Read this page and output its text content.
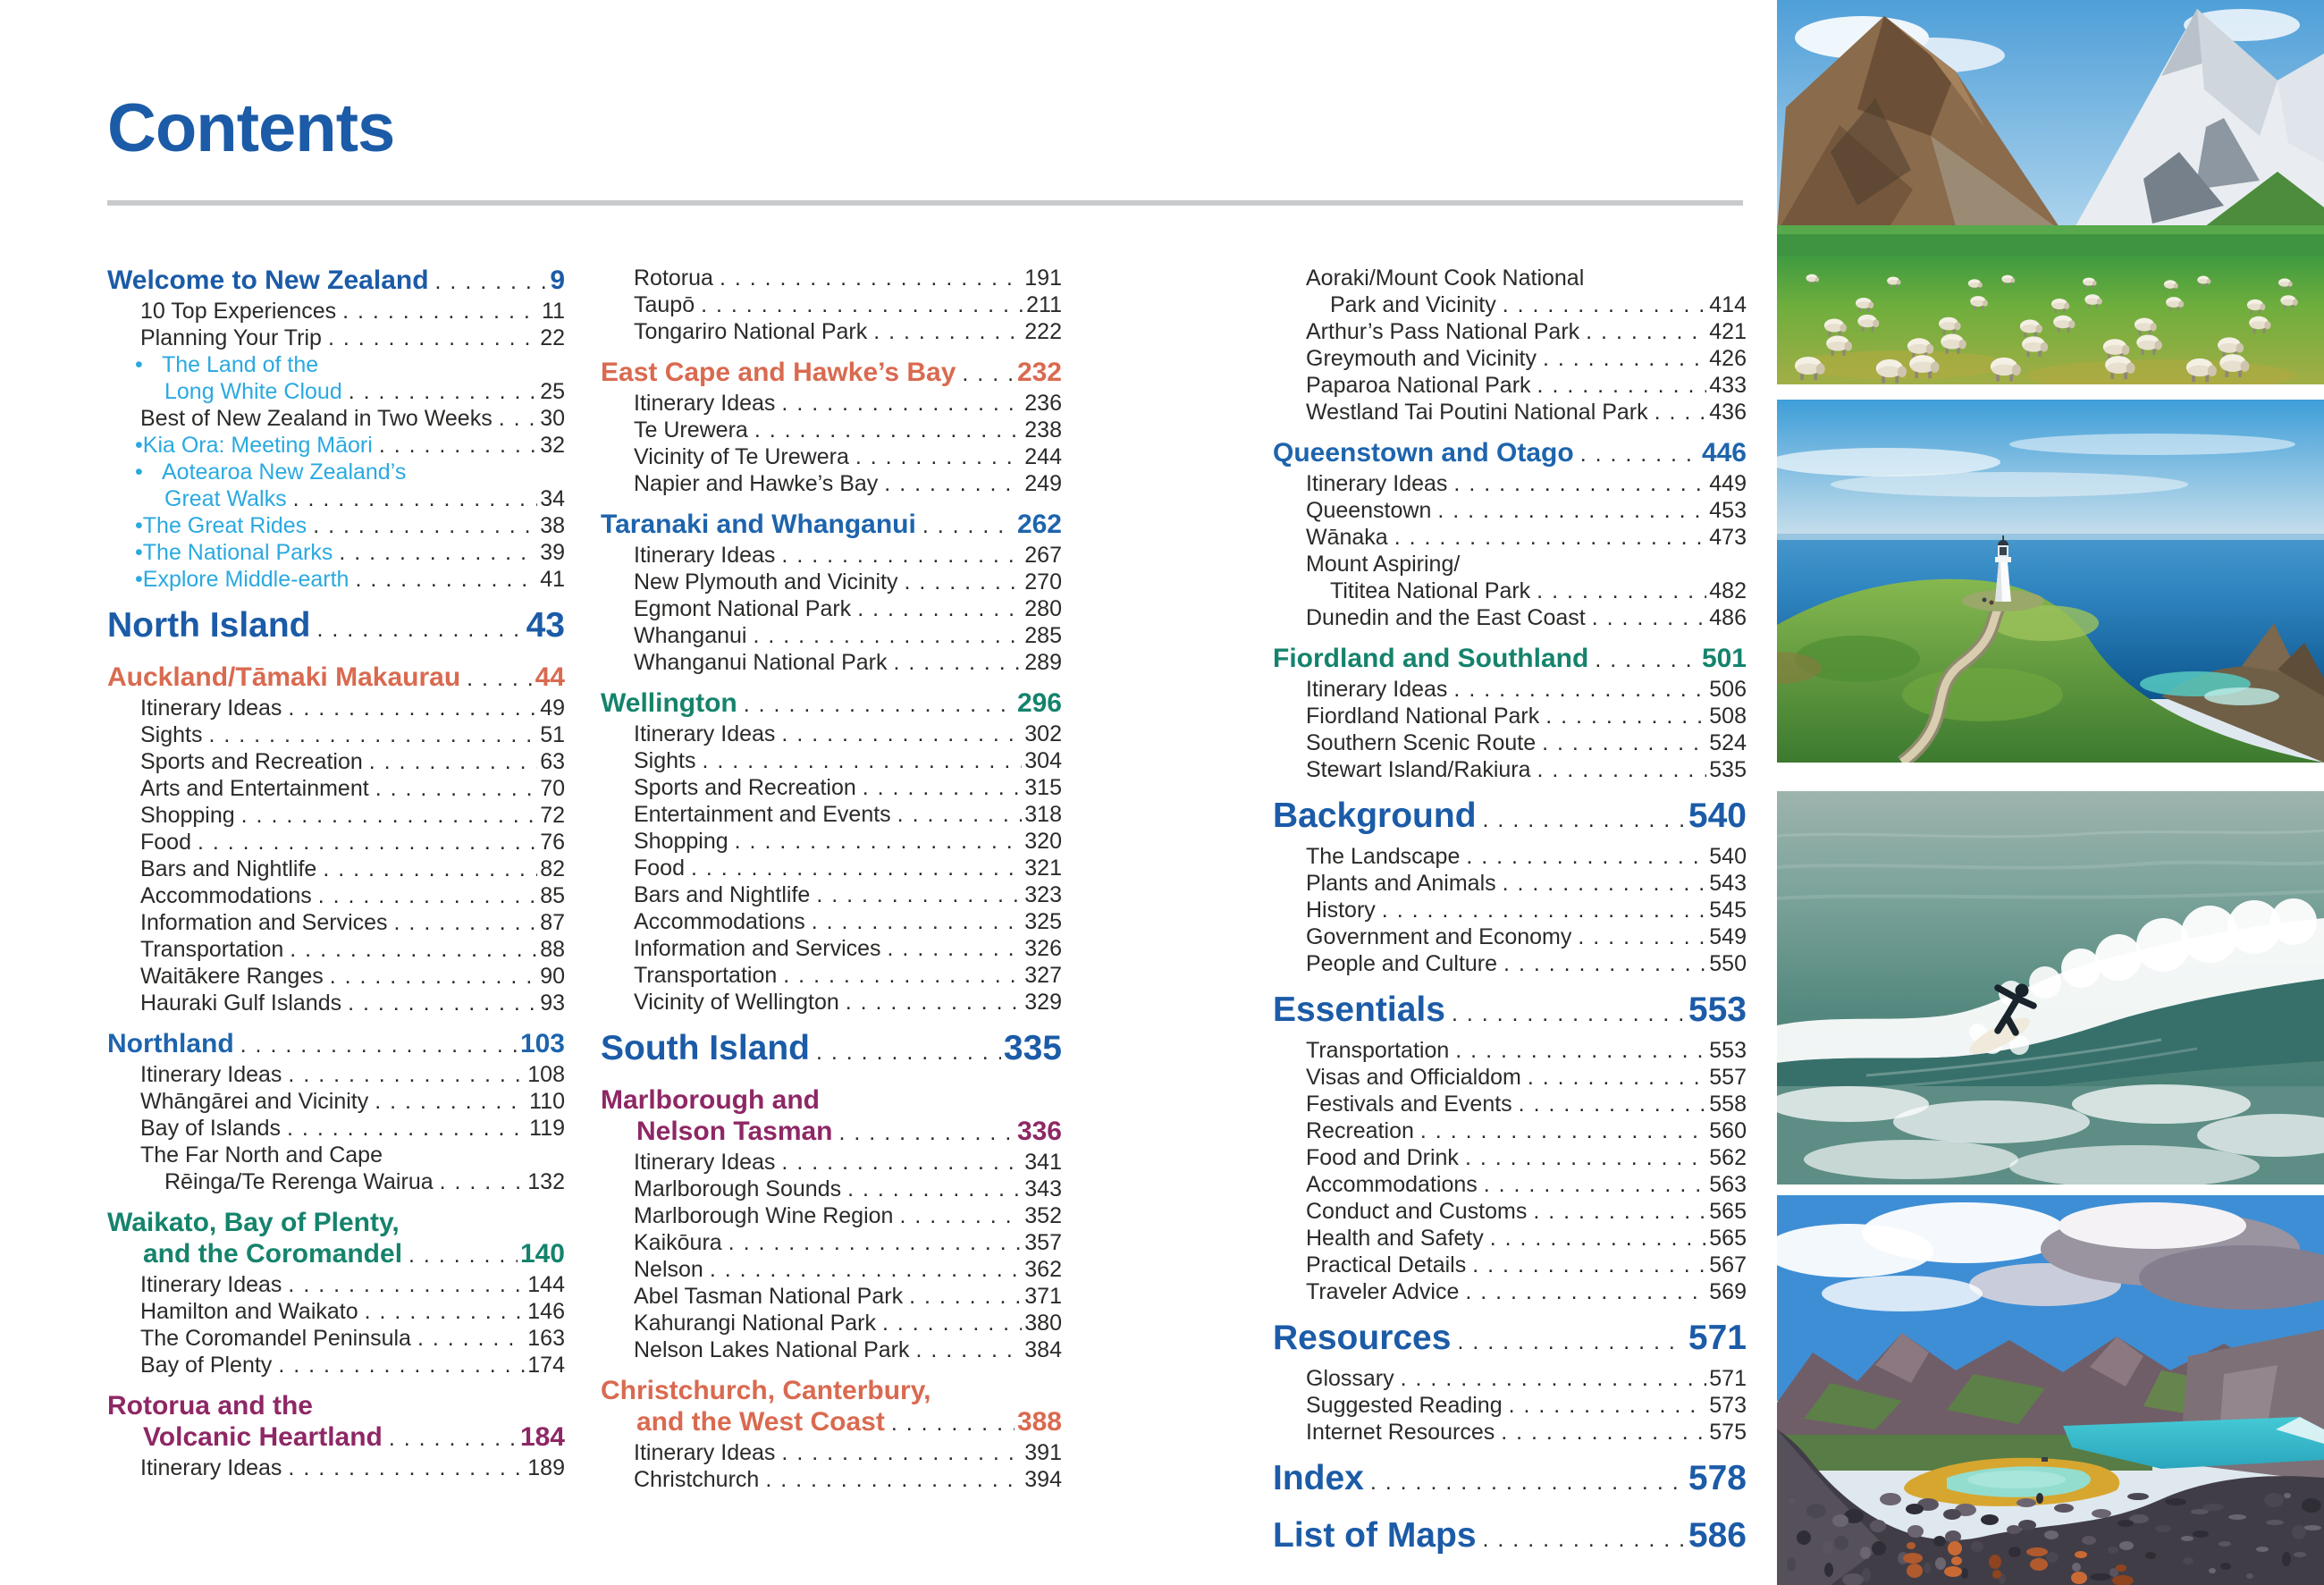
Contents
Welcome to New Zealand . . .	9
10 Top Experiences . . .	11
Planning Your Trip . . .	22
• The Land of the
Long White Cloud . . .	25
Best of New Zealand in Two Weeks . . . 30
• Kia Ora: Meeting Māori . . .	32
• Aotearoa New Zealand’s
Great Walks . . .	34
• The Great Rides . . .	38
• The National Parks . . .	39
• Explore Middle-earth . . .	41
North Island . . .	43
Auckland/Tāmaki Makaurau . . .	44
Itinerary Ideas . . .	49
Sights . . .	51
Sports and Recreation . . .	63
Arts and Entertainment . . .	70
Shopping . . .	72
Food . . .	76
Bars and Nightlife . . .	82
Accommodations . . .	85
Information and Services . . .	87
Transportation . . .	88
Waitākere Ranges . . .	90
Hauraki Gulf Islands . . .	93
Northland . . .	103
Itinerary Ideas . . .	108
Whāngārei and Vicinity . . .	110
Bay of Islands . . .	119
The Far North and Cape
Rēinga/Te Rerenga Wairua . . .	132
Waikato, Bay of Plenty,
and the Coromandel . . .	140
Itinerary Ideas . . .	144
Hamilton and Waikato . . .	146
The Coromandel Peninsula . . .	163
Bay of Plenty . . .	174
Rotorua and the
Volcanic Heartland . . .	184
Itinerary Ideas . . .	189
Rotorua . . .	191
Taupō . . .	211
Tongariro National Park . . .	222
East Cape and Hawke’s Bay . . . 232
Itinerary Ideas . . .	236
Te Urewera . . .	238
Vicinity of Te Urewera . . .	244
Napier and Hawke’s Bay . . .	249
Taranaki and Whanganui . . .	262
Itinerary Ideas . . .	267
New Plymouth and Vicinity . . .	270
Egmont National Park . . .	280
Whanganui . . .	285
Whanganui National Park . . .	289
Wellington . . .	296
Itinerary Ideas . . .	302
Sights . . .	304
Sports and Recreation . . .	315
Entertainment and Events . . .	318
Shopping . . .	320
Food . . .	321
Bars and Nightlife . . .	323
Accommodations . . .	325
Information and Services . . .	326
Transportation . . .	327
Vicinity of Wellington . . .	329
South Island . . .	335
Marlborough and
Nelson Tasman . . .	336
Itinerary Ideas . . .	341
Marlborough Sounds . . .	343
Marlborough Wine Region . . .	352
Kaikōura . . .	357
Nelson . . .	362
Abel Tasman National Park . . .	371
Kahurangi National Park . . .	380
Nelson Lakes National Park . . .	384
Christchurch, Canterbury,
and the West Coast . . .	388
Itinerary Ideas . . .	391
Christchurch . . .	394
Aoraki/Mount Cook National
Park and Vicinity . . .	414
Arthur’s Pass National Park . . .	421
Greymouth and Vicinity . . .	426
Paparoa National Park . . .	433
Westland Tai Poutini National Park . . .	436
Queenstown and Otago . . .	446
Itinerary Ideas . . .	449
Queenstown . . .	453
Wānaka . . .	473
Mount Aspiring/
Tititea National Park . . .	482
Dunedin and the East Coast . . .	486
Fiordland and Southland . . .	501
Itinerary Ideas . . .	506
Fiordland National Park . . .	508
Southern Scenic Route . . .	524
Stewart Island/Rakiura . . .	535
Background . . .	540
The Landscape . . .	540
Plants and Animals . . .	543
History . . .	545
Government and Economy . . .	549
People and Culture . . .	550
Essentials . . .	553
Transportation . . .	553
Visas and Officialdom . . .	557
Festivals and Events . . .	558
Recreation . . .	560
Food and Drink . . .	562
Accommodations . . .	563
Conduct and Customs . . .	565
Health and Safety . . .	565
Practical Details . . .	567
Traveler Advice . . .	569
Resources . . .	571
Glossary . . .	571
Suggested Reading . . .	573
Internet Resources . . .	575
Index . . .	578
List of Maps . . .	586
